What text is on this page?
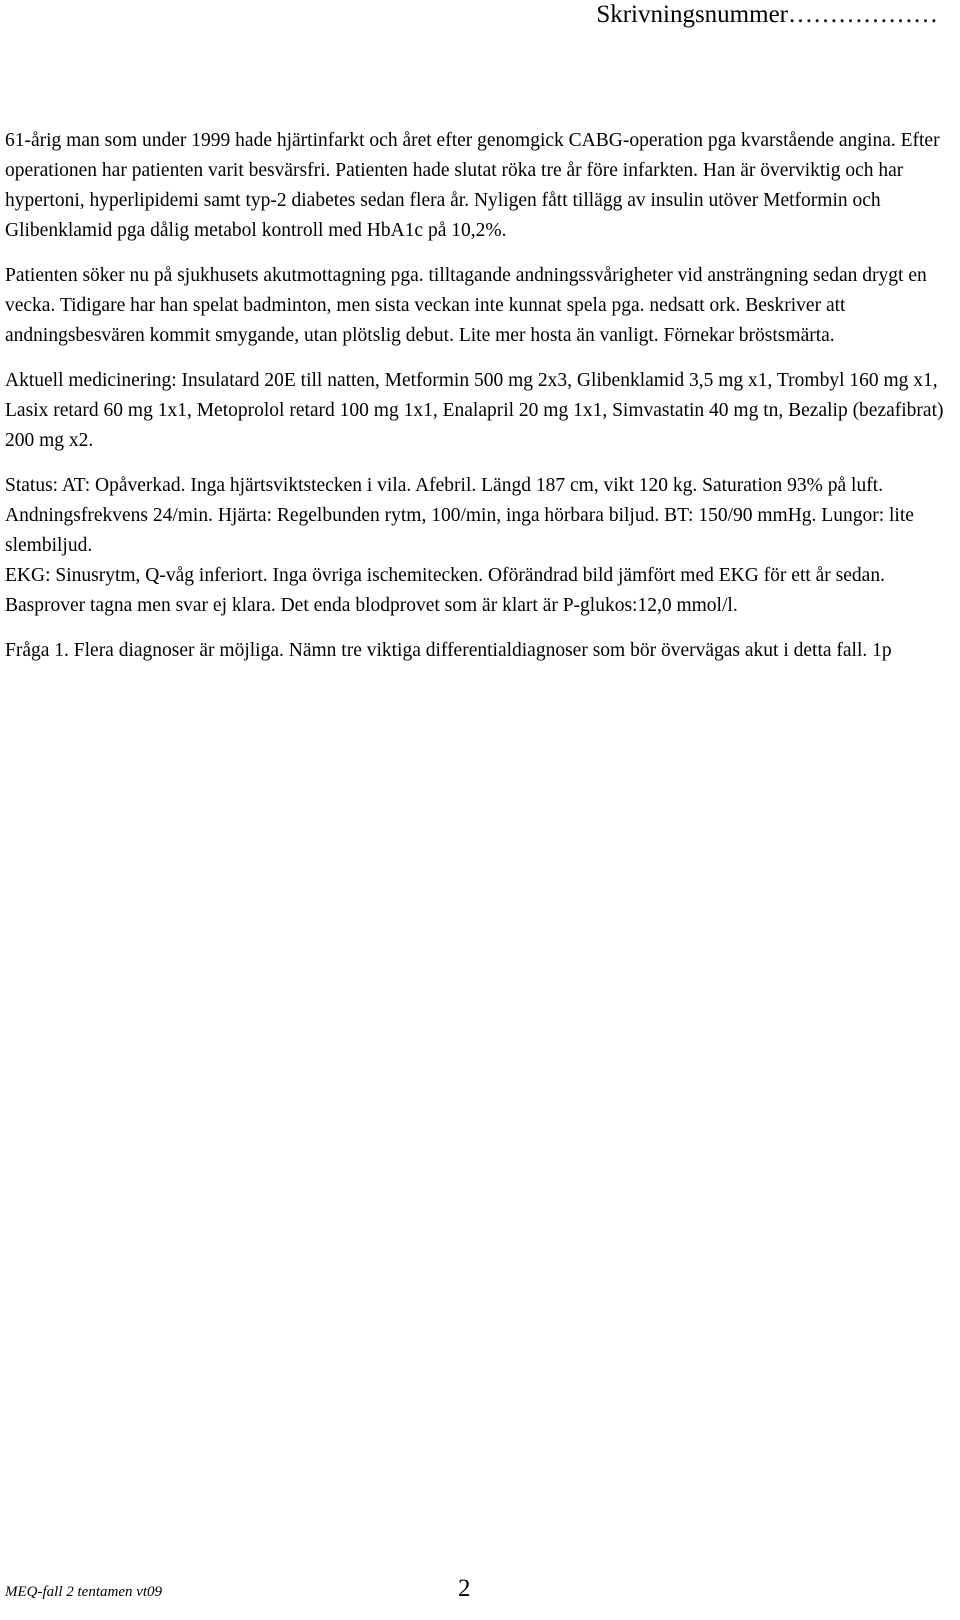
Skrivningsnummer………………

61-årig man som under 1999 hade hjärtinfarkt och året efter genomgick CABG-operation pga kvarstående angina. Efter operationen har patienten varit besvärsfri. Patienten hade slutat röka tre år före infarkten. Han är överviktig och har hypertoni, hyperlipidemi samt typ-2 diabetes sedan flera år. Nyligen fått tillägg av insulin utöver Metformin och Glibenklamid pga dålig metabol kontroll med HbA1c på 10,2%.

Patienten söker nu på sjukhusets akutmottagning pga. tilltagande andningssvårigheter vid ansträngning sedan drygt en vecka. Tidigare har han spelat badminton, men sista veckan inte kunnat spela pga. nedsatt ork. Beskriver att andningsbesvären kommit smygande, utan plötslig debut. Lite mer hosta än vanligt. Förnekar bröstsmärta.

Aktuell medicinering: Insulatard 20E till natten, Metformin 500 mg 2x3, Glibenklamid 3,5 mg x1, Trombyl 160 mg x1, Lasix retard 60 mg 1x1, Metoprolol retard 100 mg 1x1, Enalapril 20 mg 1x1, Simvastatin 40 mg tn, Bezalip (bezafibrat) 200 mg x2.

Status: AT: Opåverkad. Inga hjärtsviktstecken i vila. Afebril. Längd 187 cm, vikt 120 kg. Saturation 93% på luft. Andningsfrekvens 24/min. Hjärta: Regelbunden rytm, 100/min, inga hörbara biljud. BT: 150/90 mmHg. Lungor: lite slembiljud.

EKG: Sinusrytm, Q-våg inferiort. Inga övriga ischemitecken. Oförändrad bild jämfört med EKG för ett år sedan.

Basprover tagna men svar ej klara. Det enda blodprovet som är klart är P-glukos:12,0 mmol/l.

Fråga 1. Flera diagnoser är möjliga. Nämn tre viktiga differentialdiagnoser som bör övervägas akut i detta fall. 1p

MEQ-fall 2 tentamen vt09	2
